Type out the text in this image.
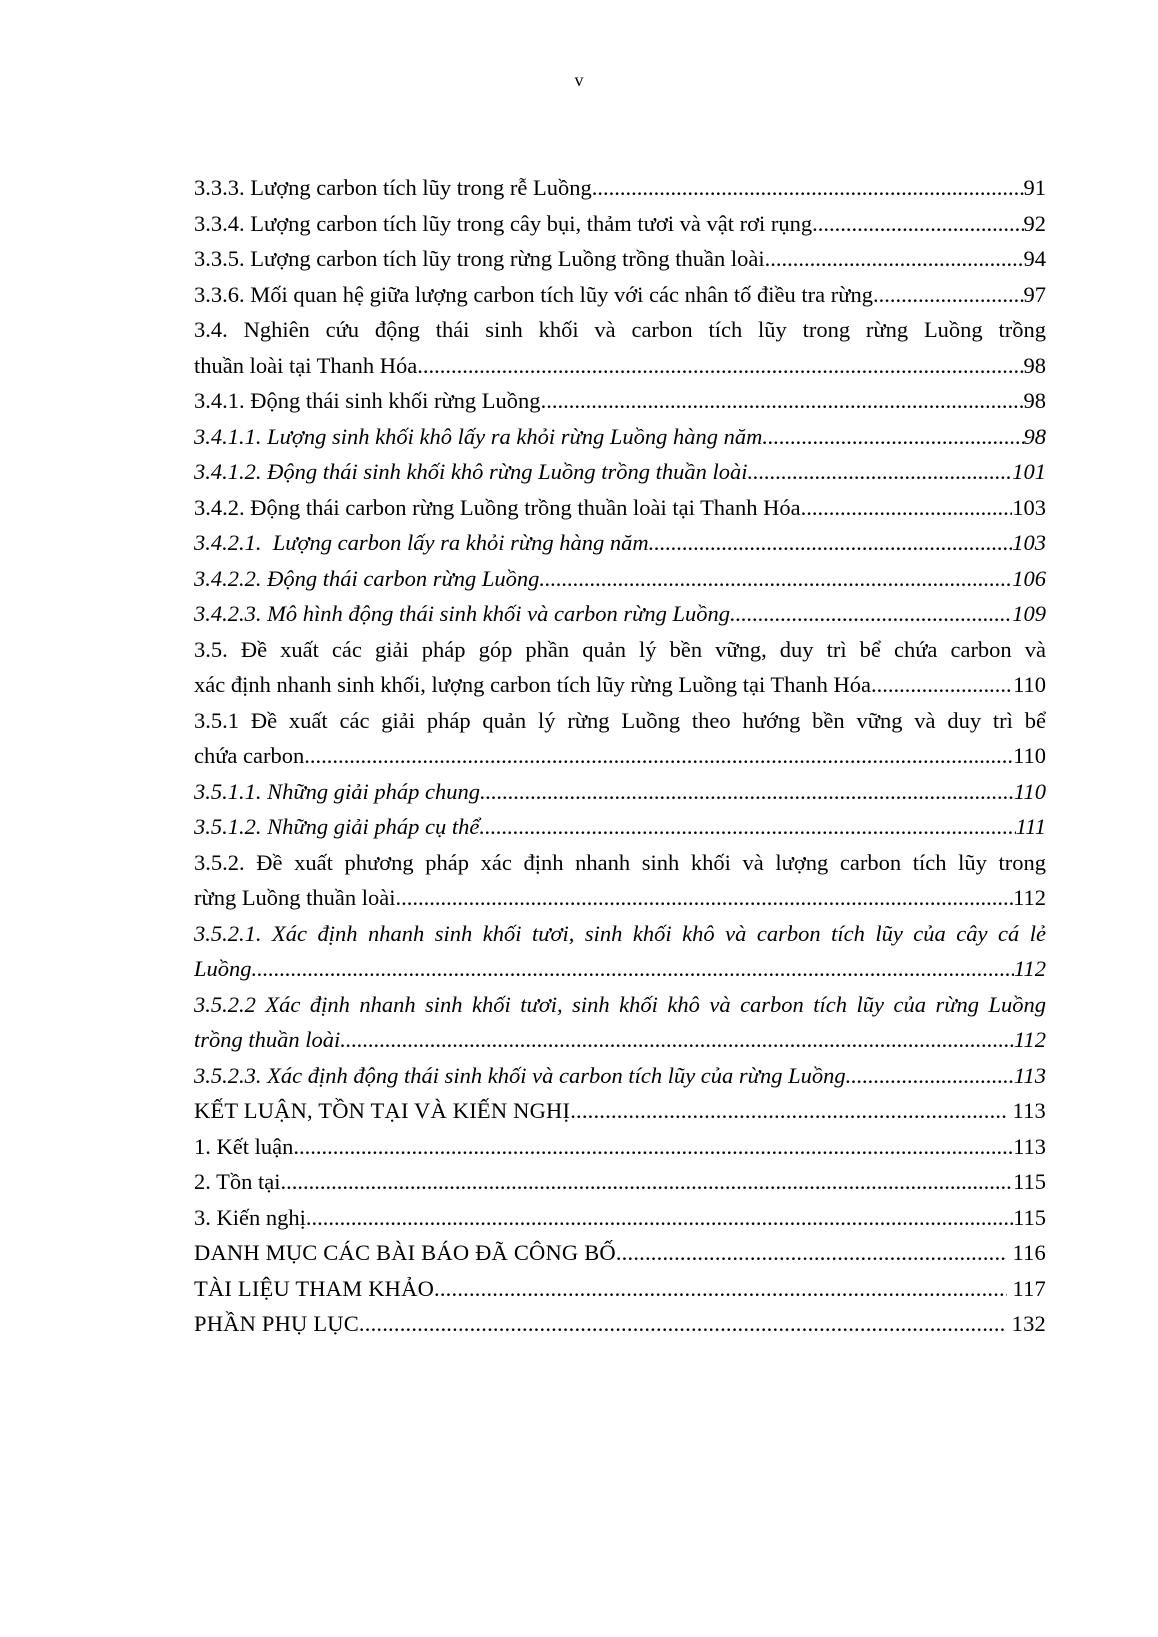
v
3.3.3. Lượng carbon tích lũy trong rễ Luồng .....	91
3.3.4. Lượng carbon tích lũy trong cây bụi, thảm tươi và vật rơi rụng .....	92
3.3.5. Lượng carbon tích lũy trong rừng Luồng trồng thuần loài .....	94
3.3.6. Mối quan hệ giữa lượng carbon tích lũy với các nhân tố điều tra rừng .....	97
3.4. Nghiên cứu động thái sinh khối và carbon tích lũy trong rừng Luồng trồng
thuần loài tại Thanh Hóa .....	98
3.4.1. Động thái sinh khối rừng Luồng .....	98
3.4.1.1. Lượng sinh khối khô lấy ra khỏi rừng Luồng hàng năm .....	98
3.4.1.2. Động thái sinh khối khô rừng Luồng trồng thuần loài .....	101
3.4.2. Động thái carbon rừng Luồng trồng thuần loài tại Thanh Hóa .....	103
3.4.2.1.  Lượng carbon lấy ra khỏi rừng hàng năm .....	103
3.4.2.2. Động thái carbon rừng Luồng .....	106
3.4.2.3. Mô hình động thái sinh khối và carbon rừng Luồng .....	109
3.5. Đề xuất các giải pháp góp phần quản lý bền vững, duy trì bể chứa carbon và
xác định nhanh sinh khối, lượng carbon tích lũy rừng Luồng tại Thanh Hóa .....	110
3.5.1 Đề xuất các giải pháp quản lý rừng Luồng theo hướng bền vững và duy trì bể
chứa carbon .....	110
3.5.1.1. Những giải pháp chung .....	110
3.5.1.2. Những giải pháp cụ thể .....	111
3.5.2. Đề xuất phương pháp xác định nhanh sinh khối và lượng carbon tích lũy trong
rừng Luồng thuần loài .....	112
3.5.2.1. Xác định nhanh sinh khối tươi, sinh khối khô và carbon tích lũy của cây cá lẻ
Luồng .....	112
3.5.2.2 Xác định nhanh sinh khối tươi, sinh khối khô và carbon tích lũy của rừng Luồng
trồng thuần loài .....	112
3.5.2.3. Xác định động thái sinh khối và carbon tích lũy của rừng Luồng .....	113
KẾT LUẬN, TỒN TẠI VÀ KIẾN NGHỊ .....	113
1. Kết luận .....	113
2. Tồn tại .....	115
3. Kiến nghị .....	115
DANH MỤC CÁC BÀI BÁO ĐÃ CÔNG BỐ .....	116
TÀI LIỆU THAM KHẢO .....	117
PHẦN PHỤ LỤC .....	132
